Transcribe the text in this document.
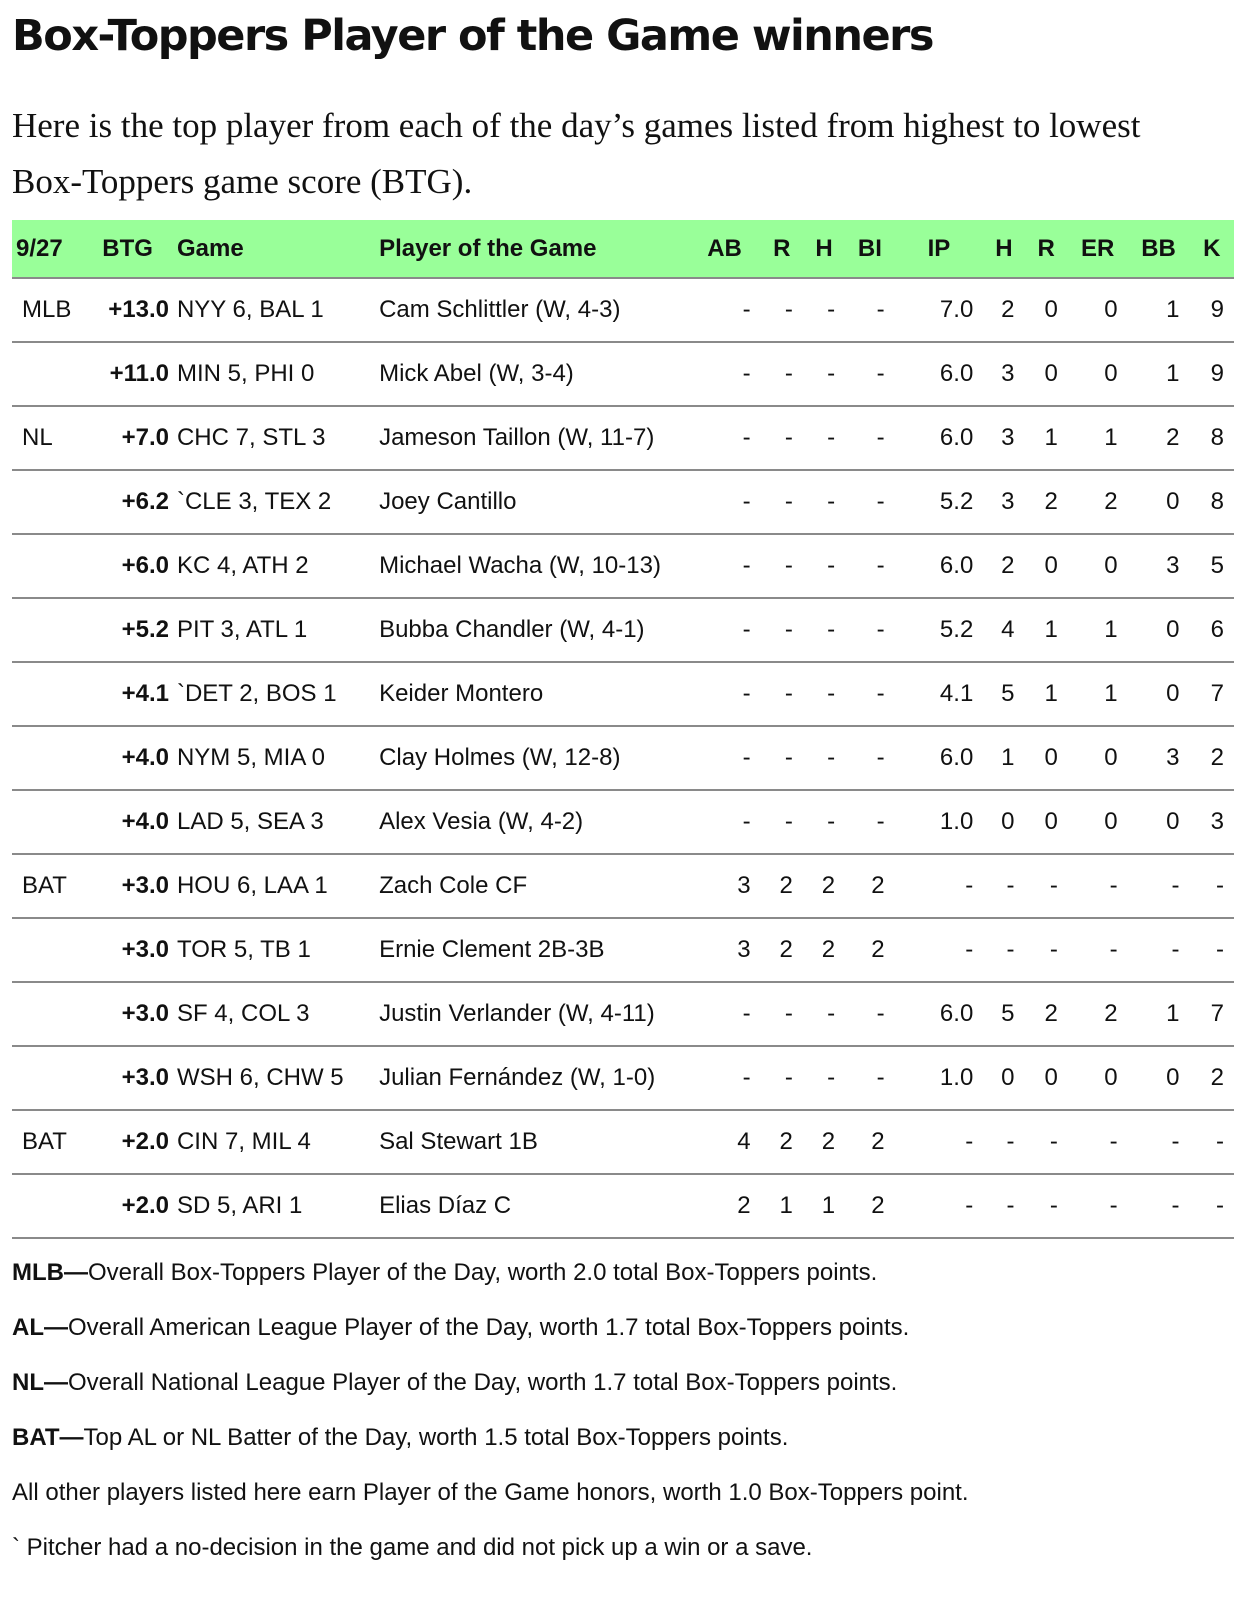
Box-Toppers Player of the Game winners

Here is the top player from each of the day’s games listed from highest to lowest Box-Toppers game score (BTG).

9/27	BTG	Game	Player of the Game	AB	R	H	BI	IP	H	R	ER	BB	K
MLB	+13.0	NYY 6, BAL 1	Cam Schlittler (W, 4-3)	-	-	-	-	7.0	2	0	0	1	9
	+11.0	MIN 5, PHI 0	Mick Abel (W, 3-4)	-	-	-	-	6.0	3	0	0	1	9
NL	+7.0	CHC 7, STL 3	Jameson Taillon (W, 11-7)	-	-	-	-	6.0	3	1	1	2	8
	+6.2	`CLE 3, TEX 2	Joey Cantillo	-	-	-	-	5.2	3	2	2	0	8
	+6.0	KC 4, ATH 2	Michael Wacha (W, 10-13)	-	-	-	-	6.0	2	0	0	3	5
	+5.2	PIT 3, ATL 1	Bubba Chandler (W, 4-1)	-	-	-	-	5.2	4	1	1	0	6
	+4.1	`DET 2, BOS 1	Keider Montero	-	-	-	-	4.1	5	1	1	0	7
	+4.0	NYM 5, MIA 0	Clay Holmes (W, 12-8)	-	-	-	-	6.0	1	0	0	3	2
	+4.0	LAD 5, SEA 3	Alex Vesia (W, 4-2)	-	-	-	-	1.0	0	0	0	0	3
BAT	+3.0	HOU 6, LAA 1	Zach Cole CF	3	2	2	2	-	-	-	-	-	-
	+3.0	TOR 5, TB 1	Ernie Clement 2B-3B	3	2	2	2	-	-	-	-	-	-
	+3.0	SF 4, COL 3	Justin Verlander (W, 4-11)	-	-	-	-	6.0	5	2	2	1	7
	+3.0	WSH 6, CHW 5	Julian Fernández (W, 1-0)	-	-	-	-	1.0	0	0	0	0	2
BAT	+2.0	CIN 7, MIL 4	Sal Stewart 1B	4	2	2	2	-	-	-	-	-	-
	+2.0	SD 5, ARI 1	Elias Díaz C	2	1	1	2	-	-	-	-	-	-

MLB—Overall Box-Toppers Player of the Day, worth 2.0 total Box-Toppers points.

AL—Overall American League Player of the Day, worth 1.7 total Box-Toppers points.

NL—Overall National League Player of the Day, worth 1.7 total Box-Toppers points.

BAT—Top AL or NL Batter of the Day, worth 1.5 total Box-Toppers points.

All other players listed here earn Player of the Game honors, worth 1.0 Box-Toppers point.

` Pitcher had a no-decision in the game and did not pick up a win or a save.
